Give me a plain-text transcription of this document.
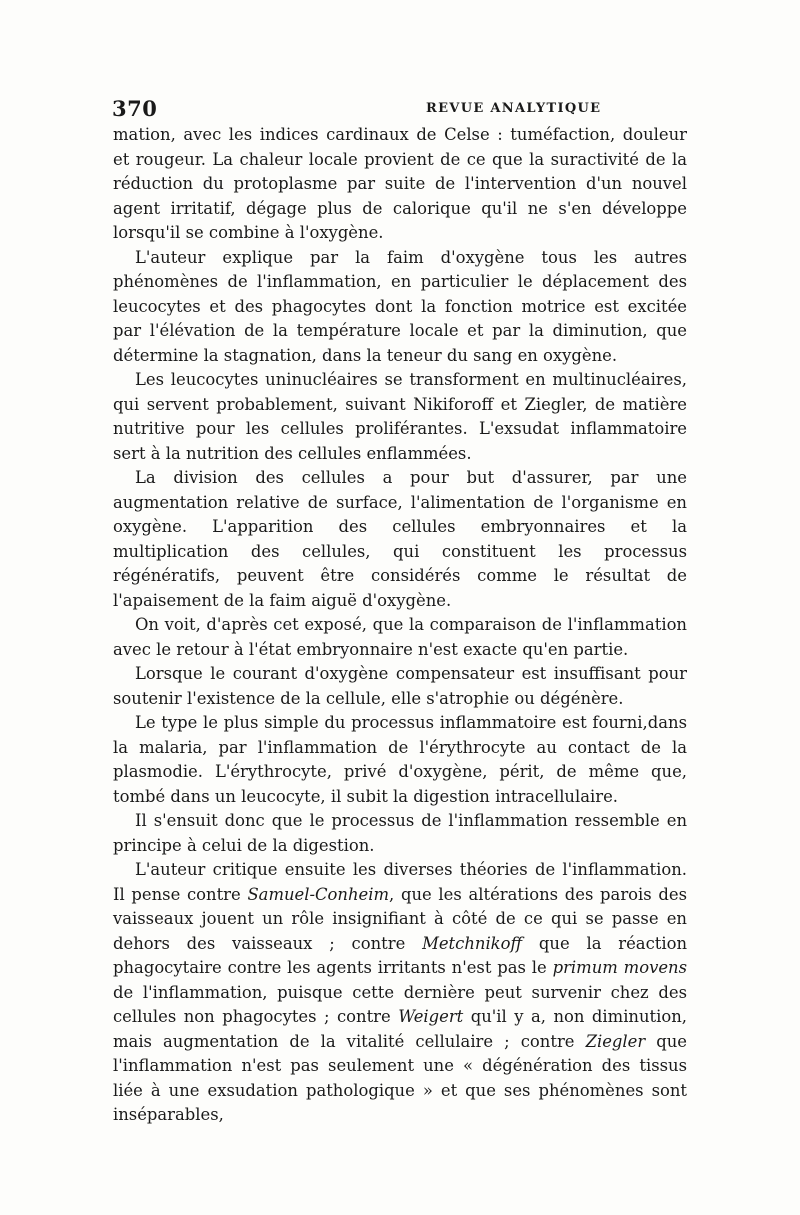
370	REVUE ANALYTIQUE

mation, avec les indices cardinaux de Celse : tuméfaction, douleur et rougeur. La chaleur locale provient de ce que la suractivité de la réduction du protoplasme par suite de l'intervention d'un nouvel agent irritatif, dégage plus de calorique qu'il ne s'en développe lorsqu'il se combine à l'oxygène.

L'auteur explique par la faim d'oxygène tous les autres phénomènes de l'inflammation, en particulier le déplacement des leucocytes et des phagocytes dont la fonction motrice est excitée par l'élévation de la température locale et par la diminution, que détermine la stagnation, dans la teneur du sang en oxygène.

Les leucocytes uninucléaires se transforment en multinucléaires, qui servent probablement, suivant Nikiforoff et Ziegler, de matière nutritive pour les cellules proliférantes. L'exsudat inflammatoire sert à la nutrition des cellules enflammées.

La division des cellules a pour but d'assurer, par une augmentation relative de surface, l'alimentation de l'organisme en oxygène. L'apparition des cellules embryonnaires et la multiplication des cellules, qui constituent les processus régénératifs, peuvent être considérés comme le résultat de l'apaisement de la faim aiguë d'oxygène.

On voit, d'après cet exposé, que la comparaison de l'inflammation avec le retour à l'état embryonnaire n'est exacte qu'en partie.

Lorsque le courant d'oxygène compensateur est insuffisant pour soutenir l'existence de la cellule, elle s'atrophie ou dégénère.

Le type le plus simple du processus inflammatoire est fourni,dans la malaria, par l'inflammation de l'érythrocyte au contact de la plasmodie. L'érythrocyte, privé d'oxygène, périt, de même que, tombé dans un leucocyte, il subit la digestion intracellulaire.

Il s'ensuit donc que le processus de l'inflammation ressemble en principe à celui de la digestion.

L'auteur critique ensuite les diverses théories de l'inflammation. Il pense contre Samuel-Conheim, que les altérations des parois des vaisseaux jouent un rôle insignifiant à côté de ce qui se passe en dehors des vaisseaux ; contre Metchnikoff que la réaction phagocytaire contre les agents irritants n'est pas le primum movens de l'inflammation, puisque cette dernière peut survenir chez des cellules non phagocytes ; contre Weigert qu'il y a, non diminution, mais augmentation de la vitalité cellulaire ; contre Ziegler que l'inflammation n'est pas seulement une « dégénération des tissus liée à une exsudation pathologique » et que ses phénomènes sont inséparables,
